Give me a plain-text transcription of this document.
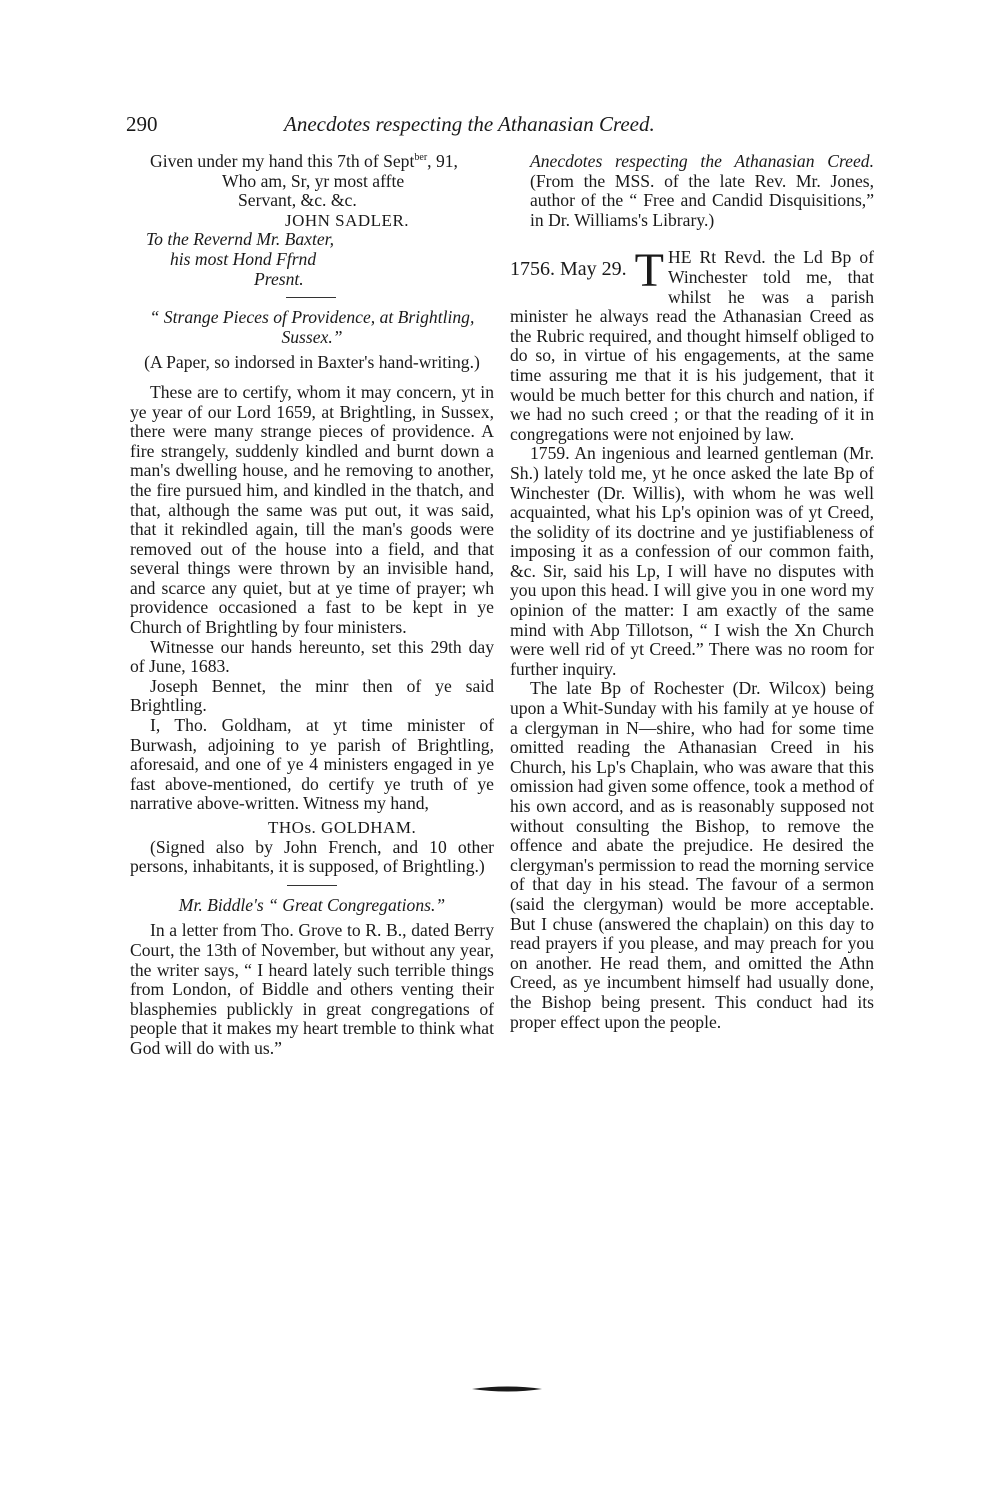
290	Anecdotes respecting the Athanasian Creed.

Given under my hand this 7th of Sept$^{ber}$, 91,

Who am, Sr, yr most affte

Servant, &c. &c.

JOHN SADLER.

To the Revernd Mr. Baxter,

his most Hond Ffrnd

Presnt.

“ Strange Pieces of Providence, at Brightling, Sussex.”

(A Paper, so indorsed in Baxter's hand-writing.)

These are to certify, whom it may concern, yt in ye year of our Lord 1659, at Brightling, in Sussex, there were many strange pieces of providence. A fire strangely, suddenly kindled and burnt down a man's dwelling house, and he removing to another, the fire pursued him, and kindled in the thatch, and that, although the same was put out, it was said, that it rekindled again, till the man's goods were removed out of the house into a field, and that several things were thrown by an invisible hand, and scarce any quiet, but at ye time of prayer; wh providence occasioned a fast to be kept in ye Church of Brightling by four ministers.

Witnesse our hands hereunto, set this 29th day of June, 1683.

Joseph Bennet, the minr then of ye said Brightling.

I, Tho. Goldham, at yt time minister of Burwash, adjoining to ye parish of Brightling, aforesaid, and one of ye 4 ministers engaged in ye fast above-mentioned, do certify ye truth of ye narrative above-written. Witness my hand,

THOs. GOLDHAM.

(Signed also by John French, and 10 other persons, inhabitants, it is supposed, of Brightling.)

Mr. Biddle's “ Great Congregations.”

In a letter from Tho. Grove to R. B., dated Berry Court, the 13th of November, but without any year, the writer says, “ I heard lately such terrible things from London, of Biddle and others venting their blasphemies publickly in great congregations of people that it makes my heart tremble to think what God will do with us.”

Anecdotes respecting the Athanasian Creed. (From the MSS. of the late Rev. Mr. Jones, author of the “ Free and Candid Disquisitions,” in Dr. Williams's Library.)

1756. May 29. T HE Rt Revd. the Ld Bp of Winchester told me, that whilst he was a parish minister he always read the Athanasian Creed as the Rubric required, and thought himself obliged to do so, in virtue of his engagements, at the same time assuring me that it is his judgement, that it would be much better for this church and nation, if we had no such creed ; or that the reading of it in congregations were not enjoined by law.

1759. An ingenious and learned gentleman (Mr. Sh.) lately told me, yt he once asked the late Bp of Winchester (Dr. Willis), with whom he was well acquainted, what his Lp's opinion was of yt Creed, the solidity of its doctrine and ye justifiableness of imposing it as a confession of our common faith, &c. Sir, said his Lp, I will have no disputes with you upon this head. I will give you in one word my opinion of the matter: I am exactly of the same mind with Abp Tillotson, “ I wish the Xn Church were well rid of yt Creed.” There was no room for further inquiry.

The late Bp of Rochester (Dr. Wilcox) being upon a Whit-Sunday with his family at ye house of a clergyman in N—shire, who had for some time omitted reading the Athanasian Creed in his Church, his Lp's Chaplain, who was aware that this omission had given some offence, took a method of his own accord, and as is reasonably supposed not without consulting the Bishop, to remove the offence and abate the prejudice. He desired the clergyman's permission to read the morning service of that day in his stead. The favour of a sermon (said the clergyman) would be more acceptable. But I chuse (answered the chaplain) on this day to read prayers if you please, and may preach for you on another. He read them, and omitted the Athn Creed, as ye incumbent himself had usually done, the Bishop being present. This conduct had its proper effect upon the people.
